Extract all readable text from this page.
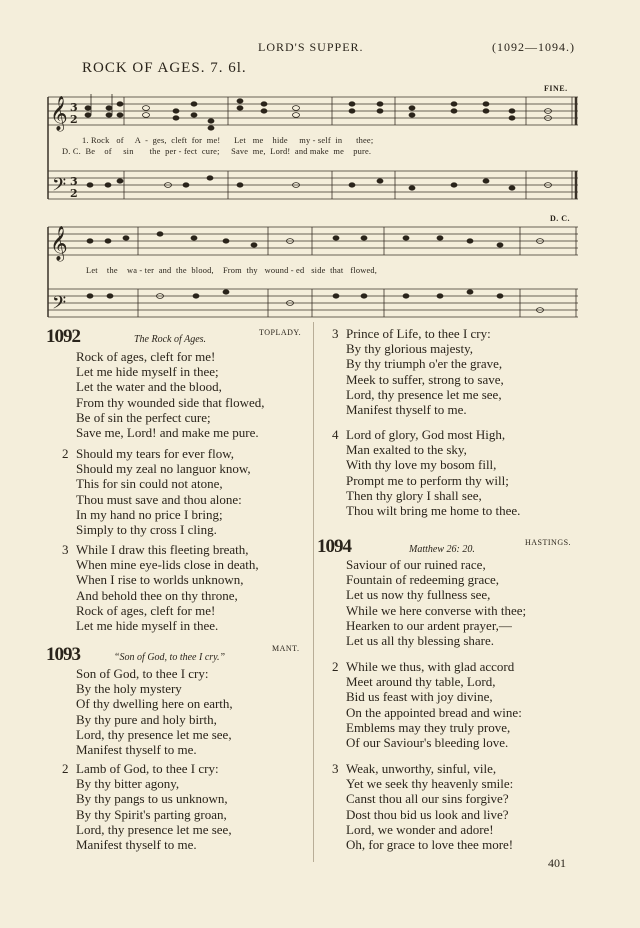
LORD'S SUPPER.	(1092—1094.)
ROCK OF AGES. 7. 6l.
𝄞
𝄢
𝄞
𝄢
3
2
3
2
FINE.
D. C.
1. Rock   of     A  -  ges,  cleft  for  me!      Let   me    hide     my - self  in      thee;
D. C.  Be    of     sin       the  per - fect  cure;     Save  me,  Lord!  and make  me    pure.
Let    the    wa - ter  and  the  blood,    From  thy   wound - ed   side  that   flowed,
1092	The Rock of Ages.
TOPLADY.
Rock of ages, cleft for me!
Let me hide myself in thee;
Let the water and the blood,
From thy wounded side that flowed,
Be of sin the perfect cure;
Save me, Lord! and make me pure.
2 Should my tears for ever flow,
Should my zeal no languor know,
This for sin could not atone,
Thou must save and thou alone:
In my hand no price I bring;
Simply to thy cross I cling.
3 While I draw this fleeting breath,
When mine eye-lids close in death,
When I rise to worlds unknown,
And behold thee on thy throne,
Rock of ages, cleft for me!
Let me hide myself in thee.
1093	“Son of God, to thee I cry.”
MANT.
Son of God, to thee I cry:
By the holy mystery
Of thy dwelling here on earth,
By thy pure and holy birth,
Lord, thy presence let me see,
Manifest thyself to me.
2 Lamb of God, to thee I cry:
By thy bitter agony,
By thy pangs to us unknown,
By thy Spirit's parting groan,
Lord, thy presence let me see,
Manifest thyself to me.
3 Prince of Life, to thee I cry:
By thy glorious majesty,
By thy triumph o'er the grave,
Meek to suffer, strong to save,
Lord, thy presence let me see,
Manifest thyself to me.
4 Lord of glory, God most High,
Man exalted to the sky,
With thy love my bosom fill,
Prompt me to perform thy will;
Then thy glory I shall see,
Thou wilt bring me home to thee.
1094	Matthew 26: 20.
HASTINGS.
Saviour of our ruined race,
Fountain of redeeming grace,
Let us now thy fullness see,
While we here converse with thee;
Hearken to our ardent prayer,—
Let us all thy blessing share.
2 While we thus, with glad accord
Meet around thy table, Lord,
Bid us feast with joy divine,
On the appointed bread and wine:
Emblems may they truly prove,
Of our Saviour's bleeding love.
3 Weak, unworthy, sinful, vile,
Yet we seek thy heavenly smile:
Canst thou all our sins forgive?
Dost thou bid us look and live?
Lord, we wonder and adore!
Oh, for grace to love thee more!
401
